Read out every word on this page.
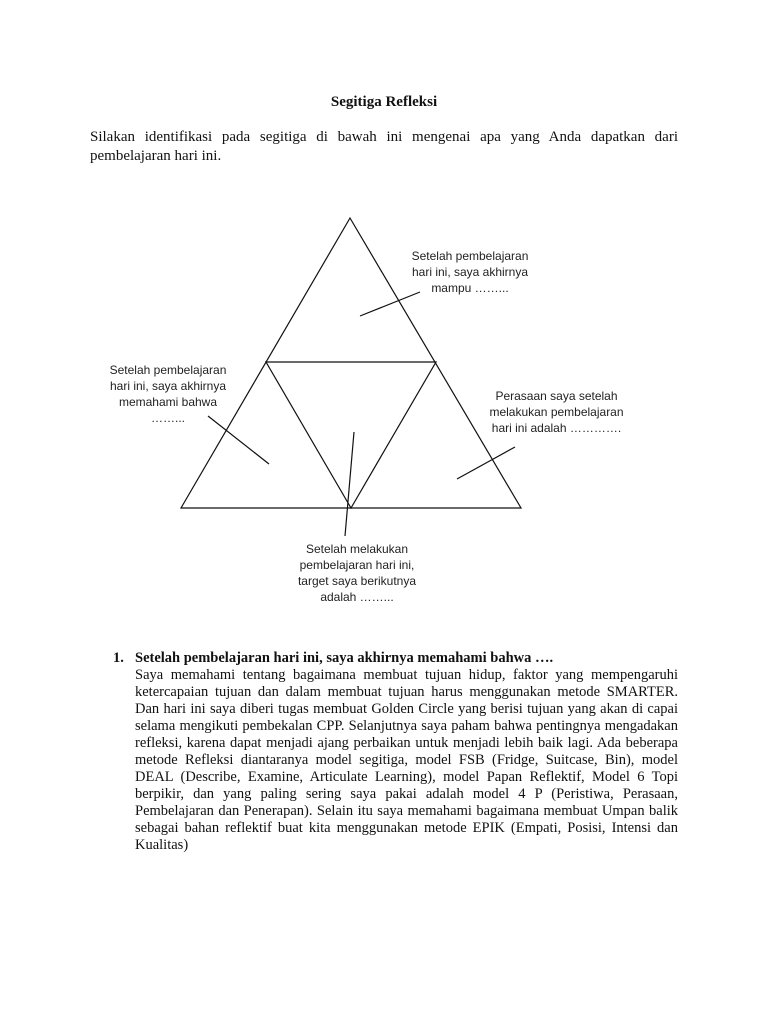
Segitiga Refleksi
Silakan identifikasi pada segitiga di bawah ini mengenai apa yang Anda dapatkan dari pembelajaran hari ini.
Setelah pembelajaran
hari ini, saya akhirnya
mampu ……...
Setelah pembelajaran
hari ini, saya akhirnya
memahami bahwa
……...
Perasaan saya setelah
melakukan pembelajaran
hari ini adalah ………….
Setelah melakukan
pembelajaran hari ini,
target saya berikutnya
adalah ……...
1. Setelah pembelajaran hari ini, saya akhirnya memahami bahwa ….
Saya memahami tentang bagaimana membuat tujuan hidup, faktor yang mempengaruhi ketercapaian tujuan dan dalam membuat tujuan harus menggunakan metode SMARTER. Dan hari ini saya diberi tugas membuat Golden Circle yang berisi tujuan yang akan di capai selama mengikuti pembekalan CPP. Selanjutnya saya paham bahwa pentingnya mengadakan refleksi, karena dapat menjadi ajang perbaikan untuk menjadi lebih baik lagi. Ada beberapa metode Refleksi diantaranya model segitiga, model FSB (Fridge, Suitcase, Bin), model DEAL (Describe, Examine, Articulate Learning), model Papan Reflektif, Model 6 Topi berpikir, dan yang paling sering saya pakai adalah model 4 P (Peristiwa, Perasaan, Pembelajaran dan Penerapan). Selain itu saya memahami bagaimana membuat Umpan balik sebagai bahan reflektif buat kita menggunakan metode EPIK (Empati, Posisi, Intensi dan Kualitas)
